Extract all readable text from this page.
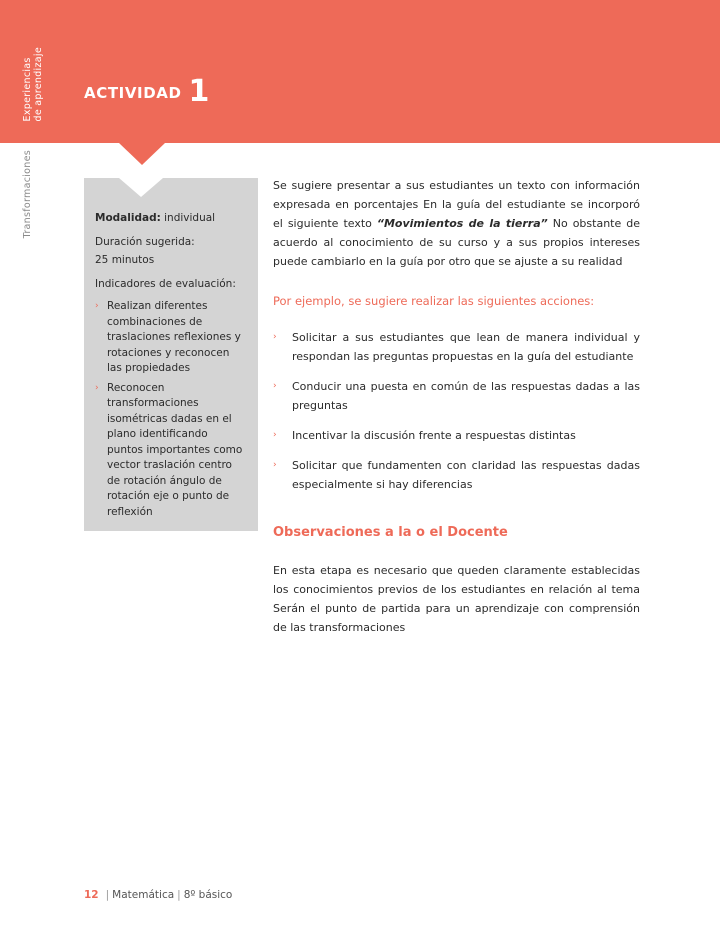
ACTIVIDAD 1
Experiencias
de aprendizaje
Transformaciones	Modalidad: individual
Duración sugerida:
25 minutos
Indicadores de evaluación:
› Realizan diferentes combinaciones de traslaciones reflexiones y rotaciones y reconocen las propiedades
› Reconocen transformaciones isométricas dadas en el plano identificando puntos importantes como vector traslación centro de rotación ángulo de rotación eje o punto de reflexión

Se sugiere presentar a sus estudiantes un texto con información expresada en porcentajes En la guía del estudiante se incorporó el siguiente texto “Movimientos de la tierra” No obstante de acuerdo al conocimiento de su curso y a sus propios intereses puede cambiarlo en la guía por otro que se ajuste a su realidad

Por ejemplo, se sugiere realizar las siguientes acciones:

› Solicitar a sus estudiantes que lean de manera individual y respondan las preguntas propuestas en la guía del estudiante
› Conducir una puesta en común de las respuestas dadas a las preguntas
› Incentivar la discusión frente a respuestas distintas
› Solicitar que fundamenten con claridad las respuestas dadas especialmente si hay diferencias
Observaciones a la o el Docente

En esta etapa es necesario que queden claramente establecidas los conocimientos previos de los estudiantes en relación al tema Serán el punto de partida para un aprendizaje con comprensión de las transformaciones

12 | Matemática | 8º básico
